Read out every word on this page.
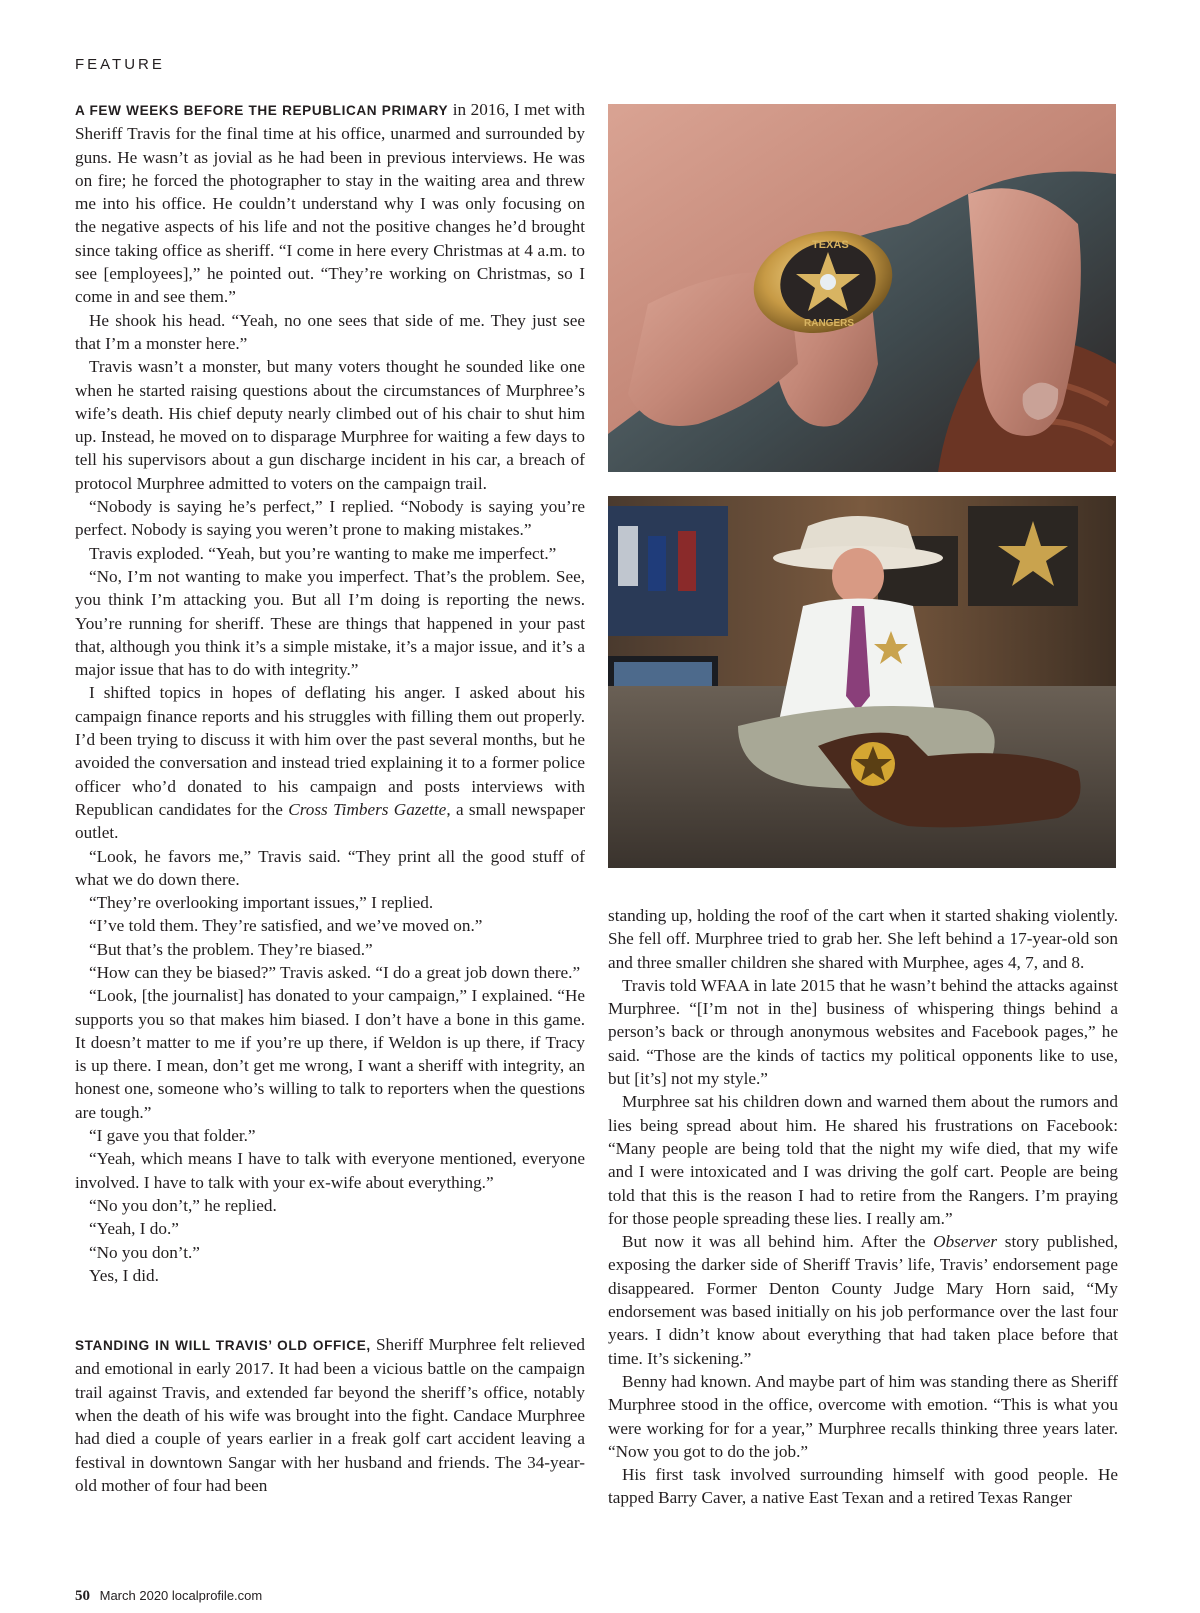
FEATURE

A FEW WEEKS BEFORE THE REPUBLICAN PRIMARY in 2016, I met with Sheriff Travis for the final time at his office, unarmed and surrounded by guns. He wasn’t as jovial as he had been in previous interviews. He was on fire; he forced the photographer to stay in the waiting area and threw me into his office. He couldn’t understand why I was only focusing on the negative aspects of his life and not the positive changes he’d brought since taking office as sheriff. “I come in here every Christmas at 4 a.m. to see [employees],” he pointed out. “They’re working on Christmas, so I come in and see them.”

He shook his head. “Yeah, no one sees that side of me. They just see that I’m a monster here.”

Travis wasn’t a monster, but many voters thought he sounded like one when he started raising questions about the circumstances of Murphree’s wife’s death. His chief deputy nearly climbed out of his chair to shut him up. Instead, he moved on to disparage Murphree for waiting a few days to tell his supervisors about a gun discharge incident in his car, a breach of protocol Murphree admitted to voters on the campaign trail.

“Nobody is saying he’s perfect,” I replied. “Nobody is saying you’re perfect. Nobody is saying you weren’t prone to making mistakes.”

Travis exploded. “Yeah, but you’re wanting to make me imperfect.”

“No, I’m not wanting to make you imperfect. That’s the problem. See, you think I’m attacking you. But all I’m doing is reporting the news. You’re running for sheriff. These are things that happened in your past that, although you think it’s a simple mistake, it’s a major issue, and it’s a major issue that has to do with integrity.”

I shifted topics in hopes of deflating his anger. I asked about his campaign finance reports and his struggles with filling them out properly. I’d been trying to discuss it with him over the past several months, but he avoided the conversation and instead tried explaining it to a former police officer who’d donated to his campaign and posts interviews with Republican candidates for the Cross Timbers Gazette, a small newspaper outlet.

“Look, he favors me,” Travis said. “They print all the good stuff of what we do down there.

“They’re overlooking important issues,” I replied.

“I’ve told them. They’re satisfied, and we’ve moved on.”

“But that’s the problem. They’re biased.”

“How can they be biased?” Travis asked. “I do a great job down there.”

“Look, [the journalist] has donated to your campaign,” I explained. “He supports you so that makes him biased. I don’t have a bone in this game. It doesn’t matter to me if you’re up there, if Weldon is up there, if Tracy is up there. I mean, don’t get me wrong, I want a sheriff with integrity, an honest one, someone who’s willing to talk to reporters when the questions are tough.”

“I gave you that folder.”

“Yeah, which means I have to talk with everyone mentioned, everyone involved. I have to talk with your ex-wife about everything.”

“No you don’t,” he replied.

“Yeah, I do.”

“No you don’t.”

Yes, I did.

STANDING IN WILL TRAVIS’ OLD OFFICE, Sheriff Murphree felt relieved and emotional in early 2017. It had been a vicious battle on the campaign trail against Travis, and extended far beyond the sheriff’s office, notably when the death of his wife was brought into the fight. Candace Murphree had died a couple of years earlier in a freak golf cart accident leaving a festival in downtown Sangar with her husband and friends. The 34-year-old mother of four had been

TEXAS
RANGERS

standing up, holding the roof of the cart when it started shaking violently. She fell off. Murphree tried to grab her. She left behind a 17-year-old son and three smaller children she shared with Murphee, ages 4, 7, and 8.

Travis told WFAA in late 2015 that he wasn’t behind the attacks against Murphree. “[I’m not in the] business of whispering things behind a person’s back or through anonymous websites and Facebook pages,” he said. “Those are the kinds of tactics my political opponents like to use, but [it’s] not my style.”

Murphree sat his children down and warned them about the rumors and lies being spread about him. He shared his frustrations on Facebook: “Many people are being told that the night my wife died, that my wife and I were intoxicated and I was driving the golf cart. People are being told that this is the reason I had to retire from the Rangers. I’m praying for those people spreading these lies. I really am.”

But now it was all behind him. After the Observer story published, exposing the darker side of Sheriff Travis’ life, Travis’ endorsement page disappeared. Former Denton County Judge Mary Horn said, “My endorsement was based initially on his job performance over the last four years. I didn’t know about everything that had taken place before that time. It’s sickening.”

Benny had known. And maybe part of him was standing there as Sheriff Murphree stood in the office, overcome with emotion. “This is what you were working for for a year,” Murphree recalls thinking three years later. “Now you got to do the job.”

His first task involved surrounding himself with good people. He tapped Barry Caver, a native East Texan and a retired Texas Ranger

50 March 2020 localprofile.com
